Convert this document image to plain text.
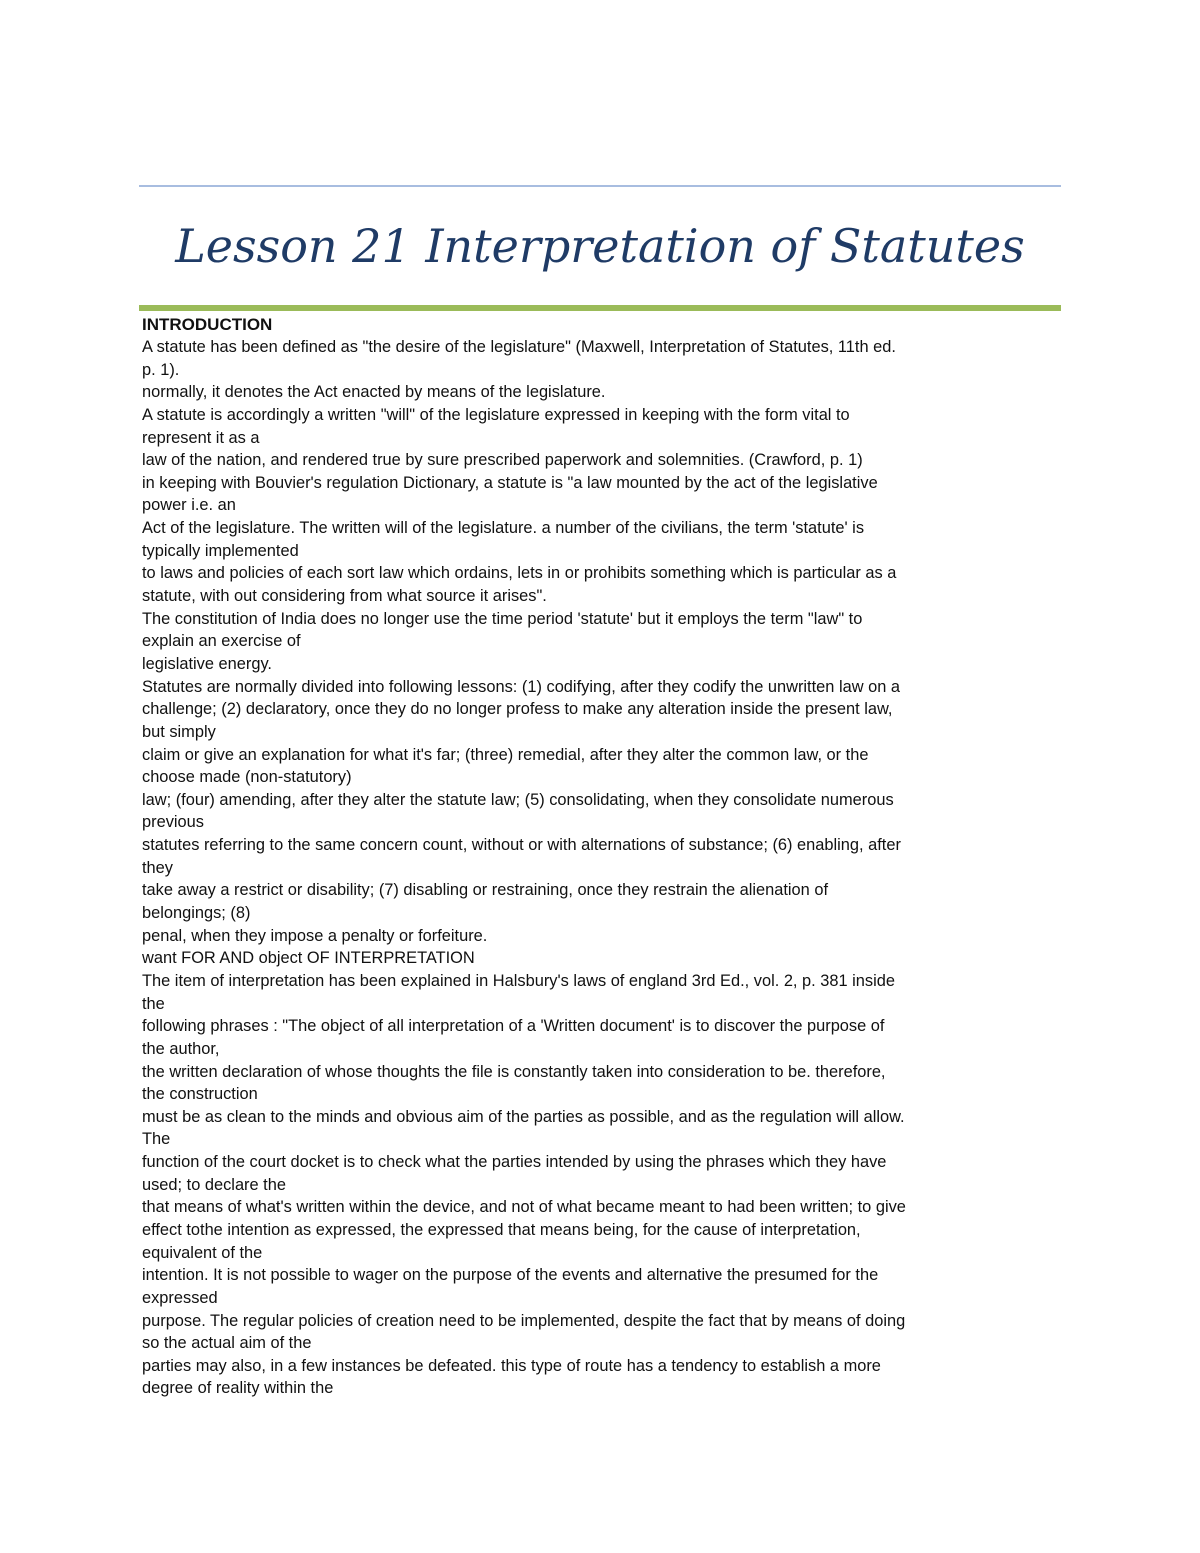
Lesson 21 Interpretation of Statutes

INTRODUCTION

A statute has been defined as "the desire of the legislature" (Maxwell, Interpretation of Statutes, 11th ed.

p. 1).

normally, it denotes the Act enacted by means of the legislature.

A statute is accordingly a written "will" of the legislature expressed in keeping with the form vital to

represent it as a

law of the nation, and rendered true by sure prescribed paperwork and solemnities. (Crawford, p. 1)

in keeping with Bouvier's regulation Dictionary, a statute is "a law mounted by the act of the legislative

power i.e. an

Act of the legislature. The written will of the legislature. a number of the civilians, the term 'statute' is

typically implemented

to laws and policies of each sort law which ordains, lets in or prohibits something which is particular as a

statute, with out considering from what source it arises".

The constitution of India does no longer use the time period 'statute' but it employs the term "law" to

explain an exercise of

legislative energy.

Statutes are normally divided into following lessons: (1) codifying, after they codify the unwritten law on a

challenge; (2) declaratory, once they do no longer profess to make any alteration inside the present law,

but simply

claim or give an explanation for what it's far; (three) remedial, after they alter the common law, or the

choose made (non-statutory)

law; (four) amending, after they alter the statute law; (5) consolidating, when they consolidate numerous

previous

statutes referring to the same concern count, without or with alternations of substance; (6) enabling, after

they

take away a restrict or disability; (7) disabling or restraining, once they restrain the alienation of

belongings; (8)

penal, when they impose a penalty or forfeiture.

want FOR AND object OF INTERPRETATION

The item of interpretation has been explained in Halsbury's laws of england 3rd Ed., vol. 2, p. 381 inside

the

following phrases : "The object of all interpretation of a 'Written document' is to discover the purpose of

the author,

the written declaration of whose thoughts the file is constantly taken into consideration to be. therefore,

the construction

must be as clean to the minds and obvious aim of the parties as possible, and as the regulation will allow.

The

function of the court docket is to check what the parties intended by using the phrases which they have

used; to declare the

that means of what's written within the device, and not of what became meant to had been written; to give

effect tothe intention as expressed, the expressed that means being, for the cause of interpretation,

equivalent of the

intention. It is not possible to wager on the purpose of the events and alternative the presumed for the

expressed

purpose. The regular policies of creation need to be implemented, despite the fact that by means of doing

so the actual aim of the

parties may also, in a few instances be defeated. this type of route has a tendency to establish a more

degree of reality within the
